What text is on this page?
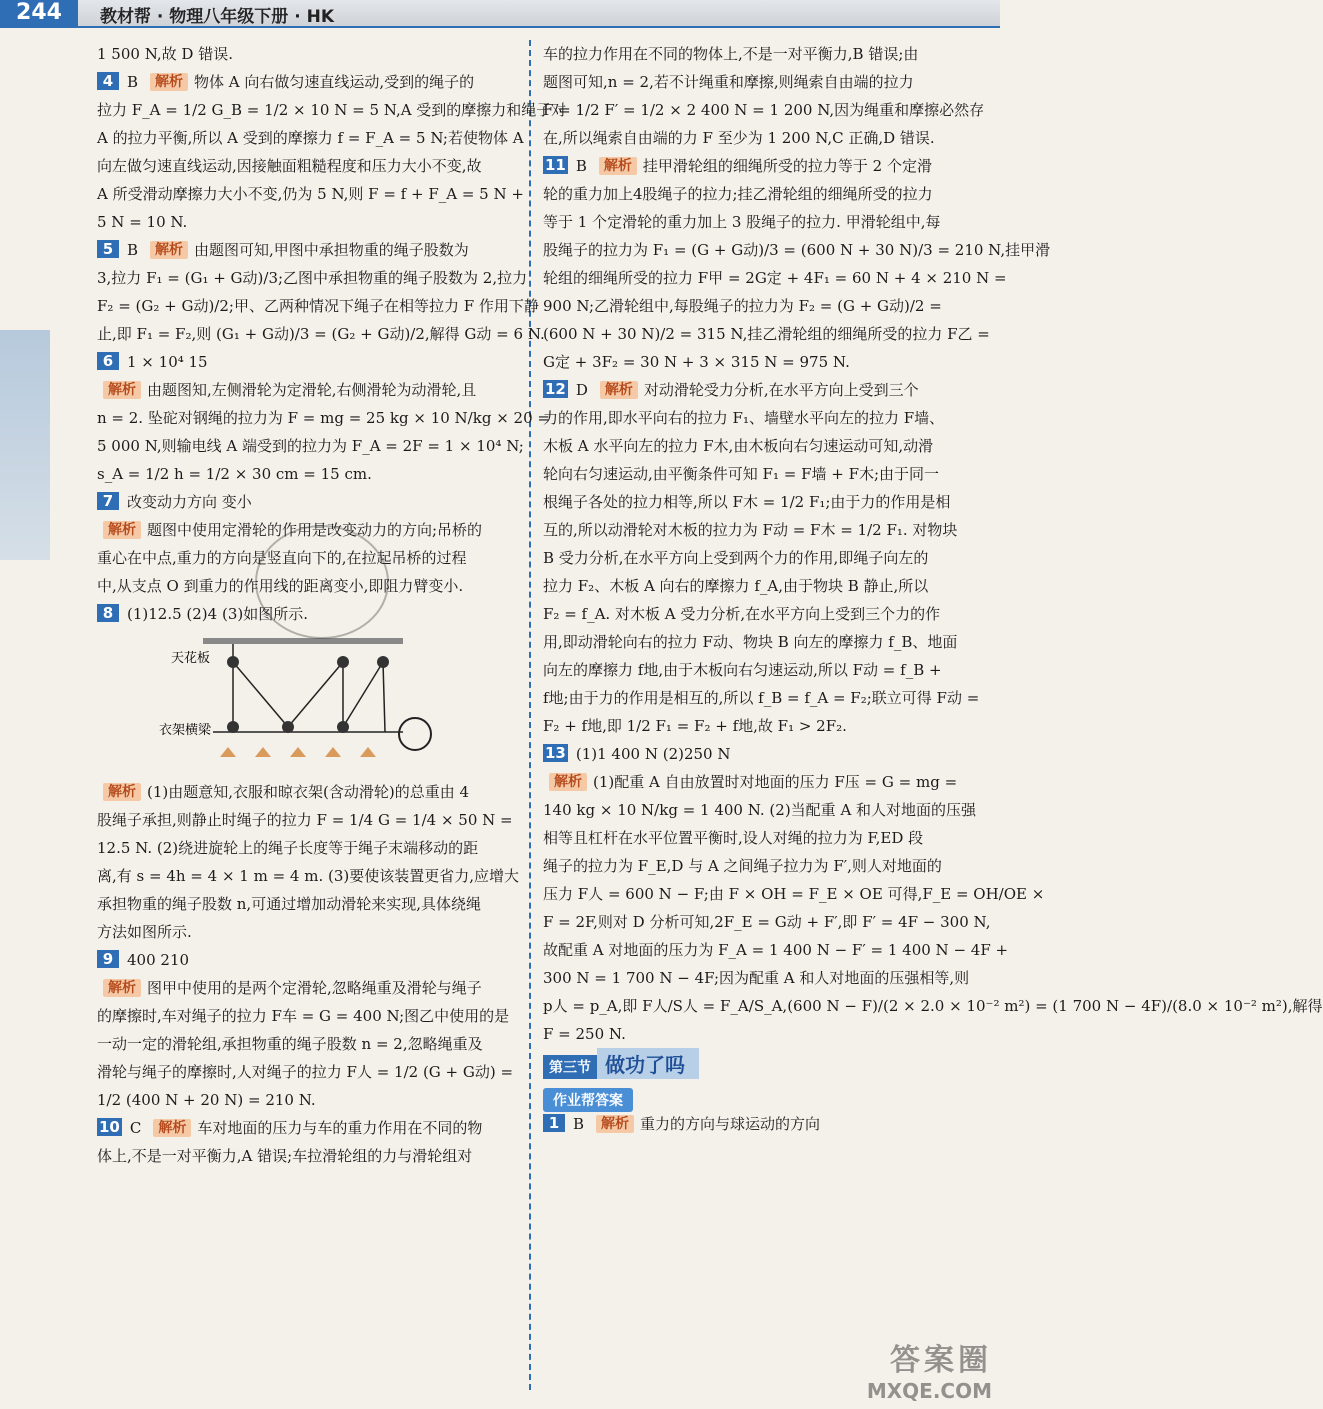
244	教材帮 · 物理八年级下册 · HK
1 500 N,故 D 错误.
4 B 解析 物体 A 向右做匀速直线运动,受到的绳子的
拉力 F_A = 1/2 G_B = 1/2 × 10 N = 5 N,A 受到的摩擦力和绳子对
A 的拉力平衡,所以 A 受到的摩擦力 f = F_A = 5 N;若使物体 A
向左做匀速直线运动,因接触面粗糙程度和压力大小不变,故
A 所受滑动摩擦力大小不变,仍为 5 N,则 F = f + F_A = 5 N +
5 N = 10 N.
5 B 解析 由题图可知,甲图中承担物重的绳子股数为
3,拉力 F₁ = (G₁ + G动)/3;乙图中承担物重的绳子股数为 2,拉力
F₂ = (G₂ + G动)/2;甲、乙两种情况下绳子在相等拉力 F 作用下静
止,即 F₁ = F₂,则 (G₁ + G动)/3 = (G₂ + G动)/2,解得 G动 = 6 N.
6 1 × 10⁴ 15
解析 由题图知,左侧滑轮为定滑轮,右侧滑轮为动滑轮,且
n = 2. 坠砣对钢绳的拉力为 F = mg = 25 kg × 10 N/kg × 20 =
5 000 N,则输电线 A 端受到的拉力为 F_A = 2F = 1 × 10⁴ N;
s_A = 1/2 h = 1/2 × 30 cm = 15 cm.
7 改变动力方向 变小
解析 题图中使用定滑轮的作用是改变动力的方向;吊桥的
重心在中点,重力的方向是竖直向下的,在拉起吊桥的过程
中,从支点 O 到重力的作用线的距离变小,即阻力臂变小.
8 (1)12.5 (2)4 (3)如图所示.
天花板
衣架横梁
解析 (1)由题意知,衣服和晾衣架(含动滑轮)的总重由 4
股绳子承担,则静止时绳子的拉力 F = 1/4 G = 1/4 × 50 N =
12.5 N. (2)绕进旋轮上的绳子长度等于绳子末端移动的距
离,有 s = 4h = 4 × 1 m = 4 m. (3)要使该装置更省力,应增大
承担物重的绳子股数 n,可通过增加动滑轮来实现,具体绕绳
方法如图所示.
9 400 210
解析 图甲中使用的是两个定滑轮,忽略绳重及滑轮与绳子
的摩擦时,车对绳子的拉力 F车 = G = 400 N;图乙中使用的是
一动一定的滑轮组,承担物重的绳子股数 n = 2,忽略绳重及
滑轮与绳子的摩擦时,人对绳子的拉力 F人 = 1/2 (G + G动) =
1/2 (400 N + 20 N) = 210 N.
10 C 解析 车对地面的压力与车的重力作用在不同的物
体上,不是一对平衡力,A 错误;车拉滑轮组的力与滑轮组对
车的拉力作用在不同的物体上,不是一对平衡力,B 错误;由
题图可知,n = 2,若不计绳重和摩擦,则绳索自由端的拉力
F = 1/2 F′ = 1/2 × 2 400 N = 1 200 N,因为绳重和摩擦必然存
在,所以绳索自由端的力 F 至少为 1 200 N,C 正确,D 错误.
11 B 解析 挂甲滑轮组的细绳所受的拉力等于 2 个定滑
轮的重力加上4股绳子的拉力;挂乙滑轮组的细绳所受的拉力
等于 1 个定滑轮的重力加上 3 股绳子的拉力. 甲滑轮组中,每
股绳子的拉力为 F₁ = (G + G动)/3 = (600 N + 30 N)/3 = 210 N,挂甲滑
轮组的细绳所受的拉力 F甲 = 2G定 + 4F₁ = 60 N + 4 × 210 N =
900 N;乙滑轮组中,每股绳子的拉力为 F₂ = (G + G动)/2 =
(600 N + 30 N)/2 = 315 N,挂乙滑轮组的细绳所受的拉力 F乙 =
G定 + 3F₂ = 30 N + 3 × 315 N = 975 N.
12 D 解析 对动滑轮受力分析,在水平方向上受到三个
力的作用,即水平向右的拉力 F₁、墙壁水平向左的拉力 F墙、
木板 A 水平向左的拉力 F木,由木板向右匀速运动可知,动滑
轮向右匀速运动,由平衡条件可知 F₁ = F墙 + F木;由于同一
根绳子各处的拉力相等,所以 F木 = 1/2 F₁;由于力的作用是相
互的,所以动滑轮对木板的拉力为 F动 = F木 = 1/2 F₁. 对物块
B 受力分析,在水平方向上受到两个力的作用,即绳子向左的
拉力 F₂、木板 A 向右的摩擦力 f_A,由于物块 B 静止,所以
F₂ = f_A. 对木板 A 受力分析,在水平方向上受到三个力的作
用,即动滑轮向右的拉力 F动、物块 B 向左的摩擦力 f_B、地面
向左的摩擦力 f地,由于木板向右匀速运动,所以 F动 = f_B +
f地;由于力的作用是相互的,所以 f_B = f_A = F₂;联立可得 F动 =
F₂ + f地,即 1/2 F₁ = F₂ + f地,故 F₁ > 2F₂.
13 (1)1 400 N (2)250 N
解析 (1)配重 A 自由放置时对地面的压力 F压 = G = mg =
140 kg × 10 N/kg = 1 400 N. (2)当配重 A 和人对地面的压强
相等且杠杆在水平位置平衡时,设人对绳的拉力为 F,ED 段
绳子的拉力为 F_E,D 与 A 之间绳子拉力为 F′,则人对地面的
压力 F人 = 600 N − F;由 F × OH = F_E × OE 可得,F_E = OH/OE ×
F = 2F,则对 D 分析可知,2F_E = G动 + F′,即 F′ = 4F − 300 N,
故配重 A 对地面的压力为 F_A = 1 400 N − F′ = 1 400 N − 4F +
300 N = 1 700 N − 4F;因为配重 A 和人对地面的压强相等,则
p人 = p_A,即 F人/S人 = F_A/S_A,(600 N − F)/(2 × 2.0 × 10⁻² m²) = (1 700 N − 4F)/(8.0 × 10⁻² m²),解得
F = 250 N.
第三节 做功了吗
作业帮答案
1 B 解析 重力的方向与球运动的方向
答案圈
MXQE.COM
